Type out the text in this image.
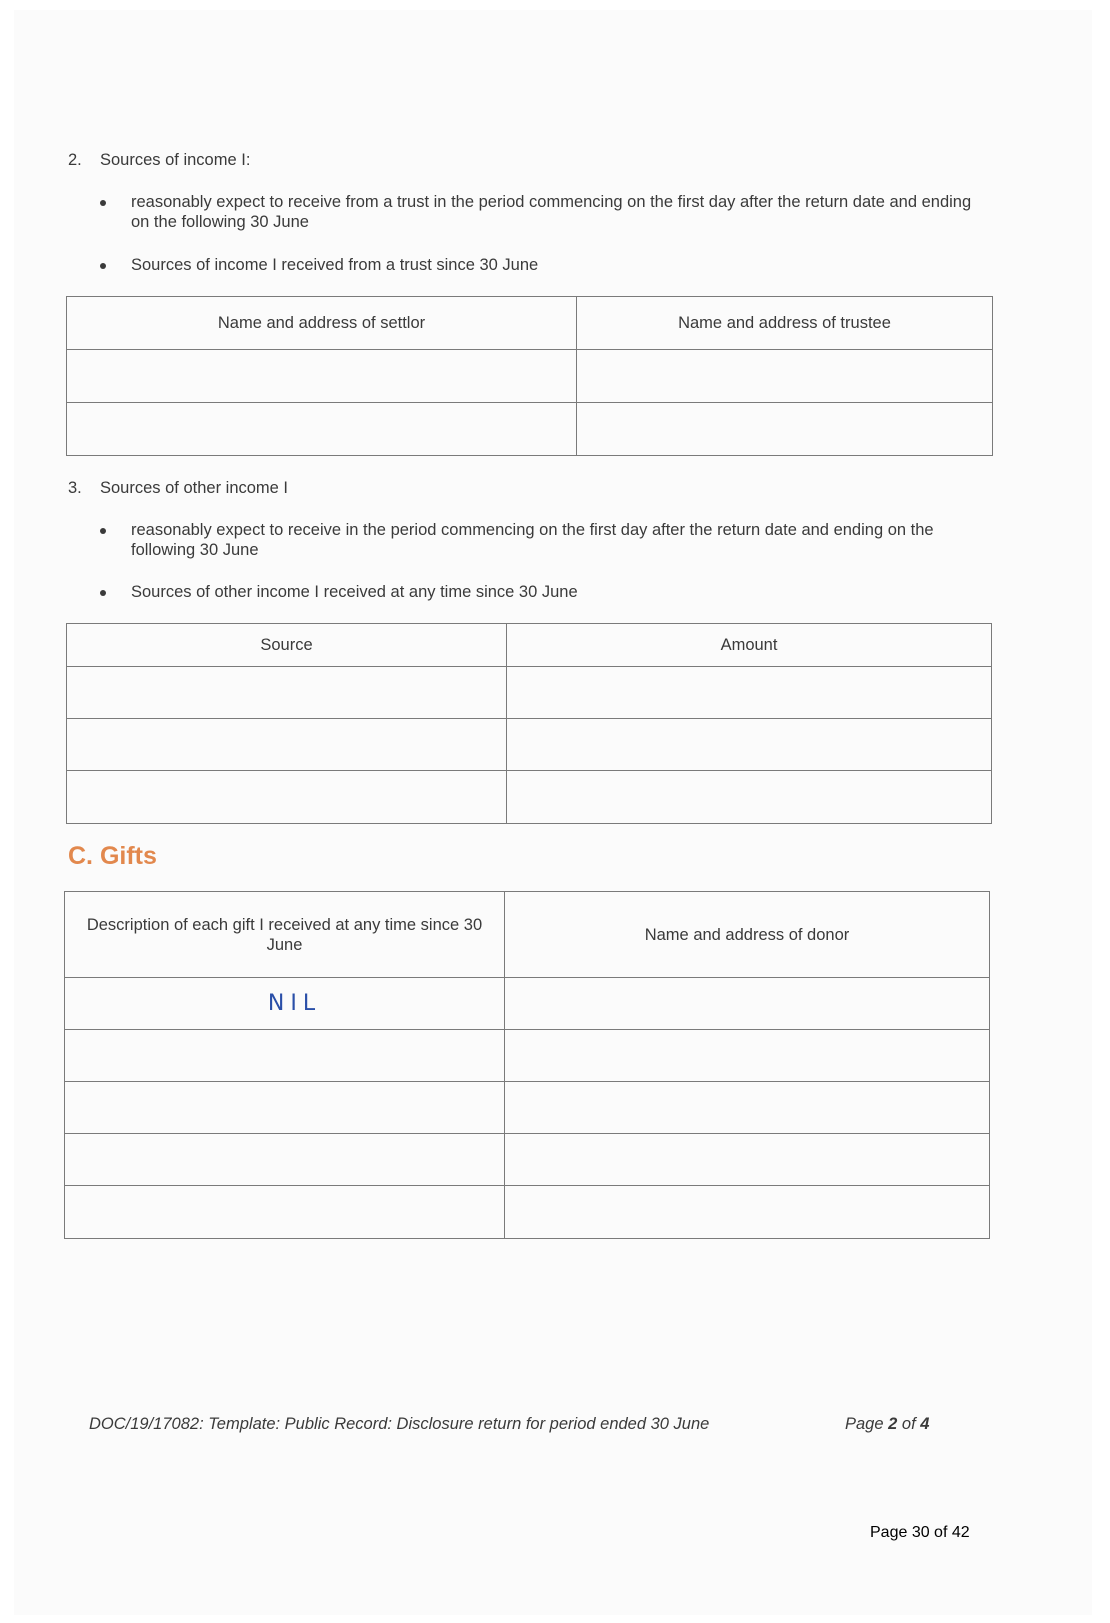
2. Sources of income I:
reasonably expect to receive from a trust in the period commencing on the first day after the return date and ending on the following 30 June
Sources of income I received from a trust since 30 June
Name and address of settlor	Name and address of trustee

3. Sources of other income I
reasonably expect to receive in the period commencing on the first day after the return date and ending on the following 30 June
Sources of other income I received at any time since 30 June
Source	Amount

C. Gifts
Description of each gift I received at any time since 30 June	Name and address of donor
NIL	

DOC/19/17082: Template: Public Record: Disclosure return for period ended 30 June	Page 2 of 4
Page 30 of 42
